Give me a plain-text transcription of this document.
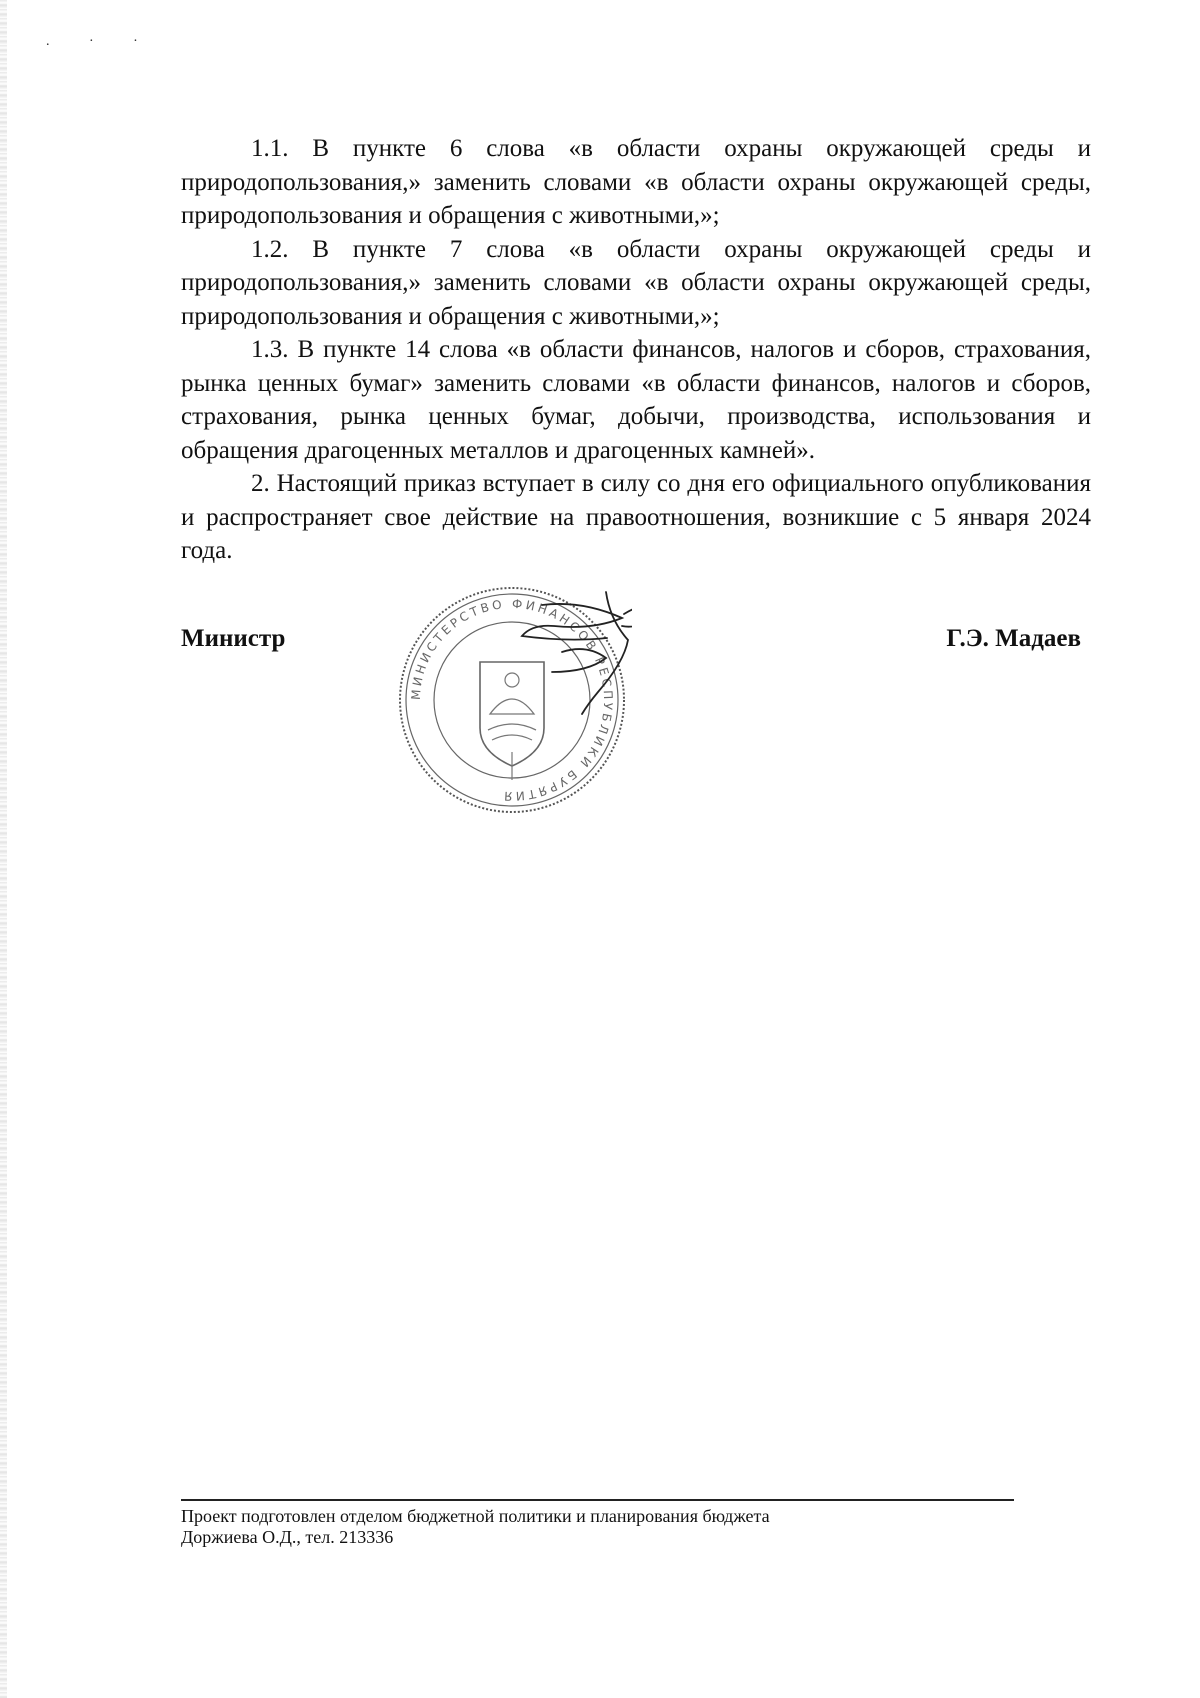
. · ·

1.1. В пункте 6 слова «в области охраны окружающей среды и природопользования,» заменить словами «в области охраны окружающей среды, природопользования и обращения с животными,»;

1.2. В пункте 7 слова «в области охраны окружающей среды и природопользования,» заменить словами «в области охраны окружающей среды, природопользования и обращения с животными,»;

1.3. В пункте 14 слова «в области финансов, налогов и сборов, страхования, рынка ценных бумаг» заменить словами «в области финансов, налогов и сборов, страхования, рынка ценных бумаг, добычи, производства, использования и обращения драгоценных металлов и драгоценных камней».

2. Настоящий приказ вступает в силу со дня его официального опубликования и распространяет свое действие на правоотношения, возникшие с 5 января 2024 года.

Министр
МИНИСТЕРСТВО ФИНАНСОВ РЕСПУБЛИКИ БУРЯТИЯ
Г.Э. Мадаев
Проект подготовлен отделом бюджетной политики и планирования бюджета
Доржиева О.Д., тел. 213336
